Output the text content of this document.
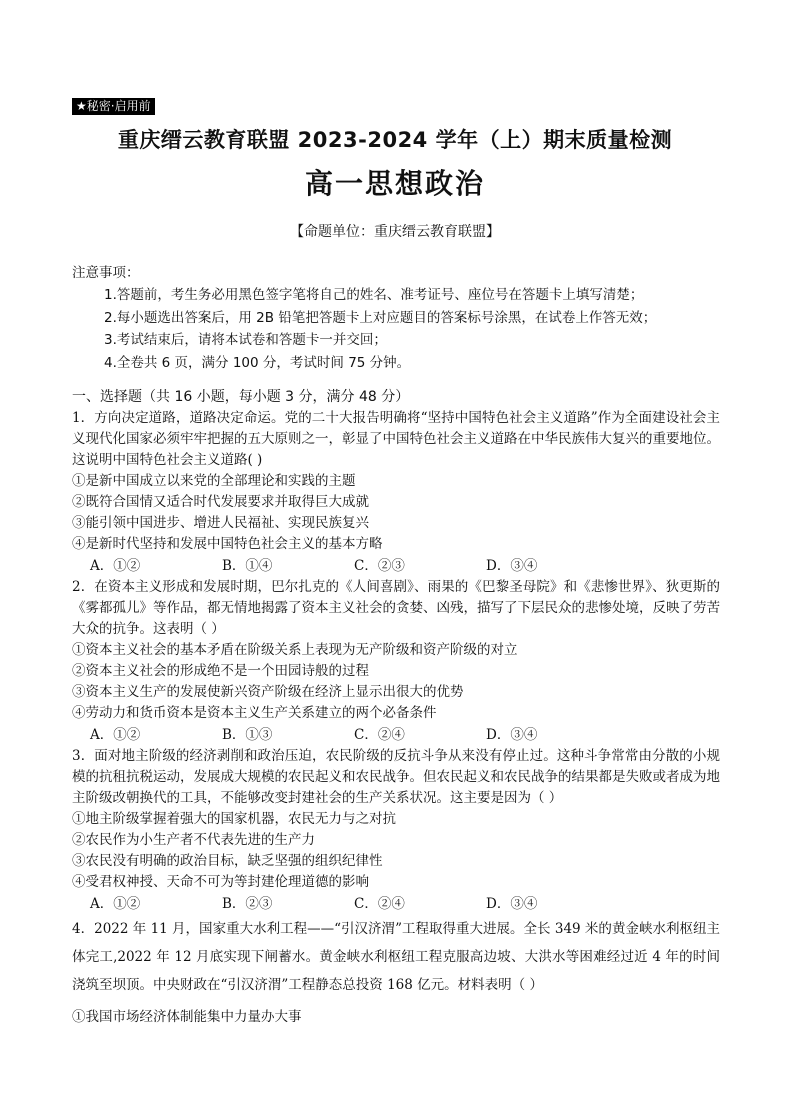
★秘密·启用前
重庆缙云教育联盟 2023-2024 学年（上）期末质量检测
高一思想政治
【命题单位：重庆缙云教育联盟】
注意事项：
1.答题前，考生务必用黑色签字笔将自己的姓名、准考证号、座位号在答题卡上填写清楚；
2.每小题选出答案后，用 2B 铅笔把答题卡上对应题目的答案标号涂黑，在试卷上作答无效；
3.考试结束后，请将本试卷和答题卡一并交回；
4.全卷共 6 页，满分 100 分，考试时间 75 分钟。
一、选择题（共 16 小题，每小题 3 分，满分 48 分）

1．方向决定道路，道路决定命运。党的二十大报告明确将“坚持中国特色社会主义道路”作为全面建设社会主义现代化国家必须牢牢把握的五大原则之一，彰显了中国特色社会主义道路在中华民族伟大复兴的重要地位。这说明中国特色社会主义道路( )

①是新中国成立以来党的全部理论和实践的主题

②既符合国情又适合时代发展要求并取得巨大成就

③能引领中国进步、增进人民福祉、实现民族复兴

④是新时代坚持和发展中国特色社会主义的基本方略

A．①②	B．①④	C．②③	D．③④

2．在资本主义形成和发展时期，巴尔扎克的《人间喜剧》、雨果的《巴黎圣母院》和《悲惨世界》、狄更斯的《雾都孤儿》等作品，都无情地揭露了资本主义社会的贪婪、凶残，描写了下层民众的悲惨处境，反映了劳苦大众的抗争。这表明（ ）

①资本主义社会的基本矛盾在阶级关系上表现为无产阶级和资产阶级的对立

②资本主义社会的形成绝不是一个田园诗般的过程

③资本主义生产的发展使新兴资产阶级在经济上显示出很大的优势

④劳动力和货币资本是资本主义生产关系建立的两个必备条件

A．①②	B．①③	C．②④	D．③④

3．面对地主阶级的经济剥削和政治压迫，农民阶级的反抗斗争从来没有停止过。这种斗争常常由分散的小规模的抗租抗税运动，发展成大规模的农民起义和农民战争。但农民起义和农民战争的结果都是失败或者成为地主阶级改朝换代的工具，不能够改变封建社会的生产关系状况。这主要是因为（ ）

①地主阶级掌握着强大的国家机器，农民无力与之对抗

②农民作为小生产者不代表先进的生产力

③农民没有明确的政治目标，缺乏坚强的组织纪律性

④受君权神授、天命不可为等封建伦理道德的影响

A．①②	B．②③	C．②④	D．③④

4．2022 年 11 月，国家重大水利工程——“引汉济渭”工程取得重大进展。全长 349 米的黄金峡水利枢纽主体完工,2022 年 12 月底实现下闸蓄水。黄金峡水利枢纽工程克服高边坡、大洪水等困难经过近 4 年的时间浇筑至坝顶。中央财政在“引汉济渭”工程静态总投资 168 亿元。材料表明（ ）

①我国市场经济体制能集中力量办大事
